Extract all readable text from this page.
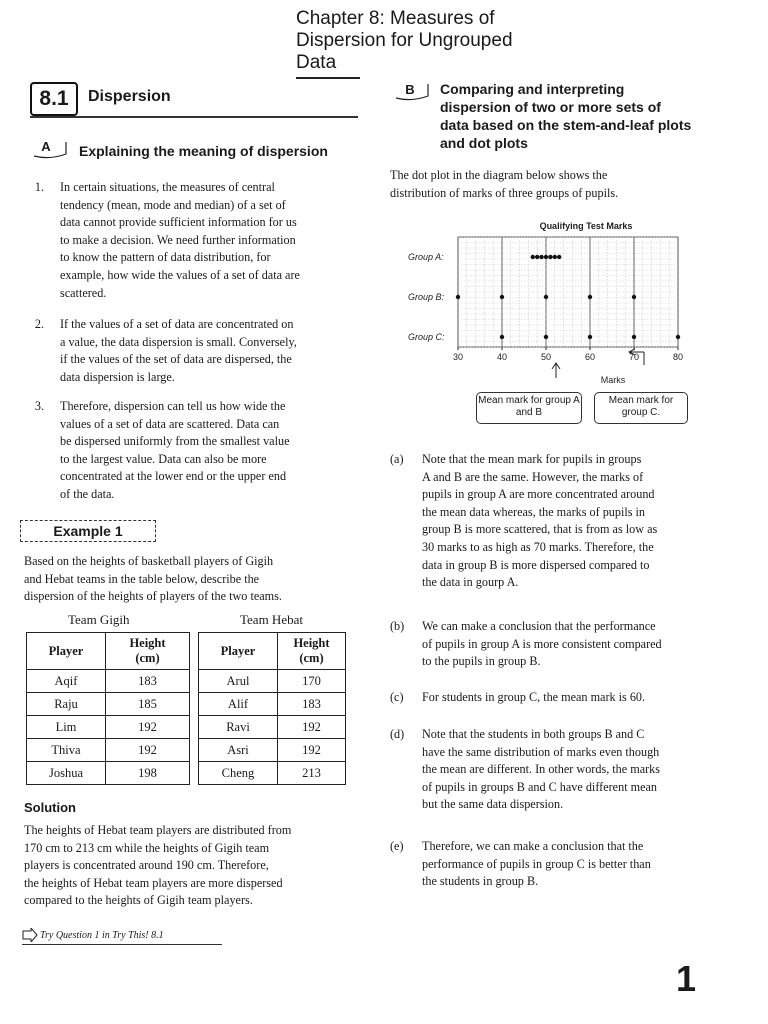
Chapter 8: Measures of
Dispersion for Ungrouped
Data
8.1	Dispersion
A	Explaining the meaning of dispersion
1. In certain situations, the measures of central
tendency (mean, mode and median) of a set of
data cannot provide sufficient information for us
to make a decision. We need further information
to know the pattern of data distribution, for
example, how wide the values of a set of data are
scattered.
2. If the values of a set of data are concentrated on
a value, the data dispersion is small. Conversely,
if the values of the set of data are dispersed, the
data dispersion is large.
3. Therefore, dispersion can tell us how wide the
values of a set of data are scattered. Data can
be dispersed uniformly from the smallest value
to the largest value. Data can also be more
concentrated at the lower end or the upper end
of the data.
Example 1
Based on the heights of basketball players of Gigih
and Hebat teams in the table below, describe the
dispersion of the heights of players of the two teams.
Team Gigih	Team Hebat
Player	Height
(cm)

Aqif	183
Raju	185
Lim	192
Thiva	192
Joshua	198
Player	Height
(cm)

Arul	170
Alif	183
Ravi	192
Asri	192
Cheng	213
Solution
The heights of Hebat team players are distributed from
170 cm to 213 cm while the heights of Gigih team
players is concentrated around 190 cm. Therefore,
the heights of Hebat team players are more dispersed
compared to the heights of Gigih team players.
Try Question 1 in Try This! 8.1
B	Comparing and interpreting
dispersion of two or more sets of
data based on the stem-and-leaf plots
and dot plots
The dot plot in the diagram below shows the
distribution of marks of three groups of pupils.
Qualifying Test Marks
Group A:
Group B:
Group C:
30	40	50	60	70	80
Marks
Mean mark for group A and B
Mean mark for group C.
(a) Note that the mean mark for pupils in groups
A and B are the same. However, the marks of
pupils in group A are more concentrated around
the mean data whereas, the marks of pupils in
group B is more scattered, that is from as low as
30 marks to as high as 70 marks. Therefore, the
data in group B is more dispersed compared to
the data in gourp A.
(b) We can make a conclusion that the performance
of pupils in group A is more consistent compared
to the pupils in group B.
(c) For students in group C, the mean mark is 60.
(d) Note that the students in both groups B and C
have the same distribution of marks even though
the mean are different. In other words, the marks
of pupils in groups B and C have different mean
but the same data dispersion.
(e) Therefore, we can make a conclusion that the
performance of pupils in group C is better than
the students in group B.
1
